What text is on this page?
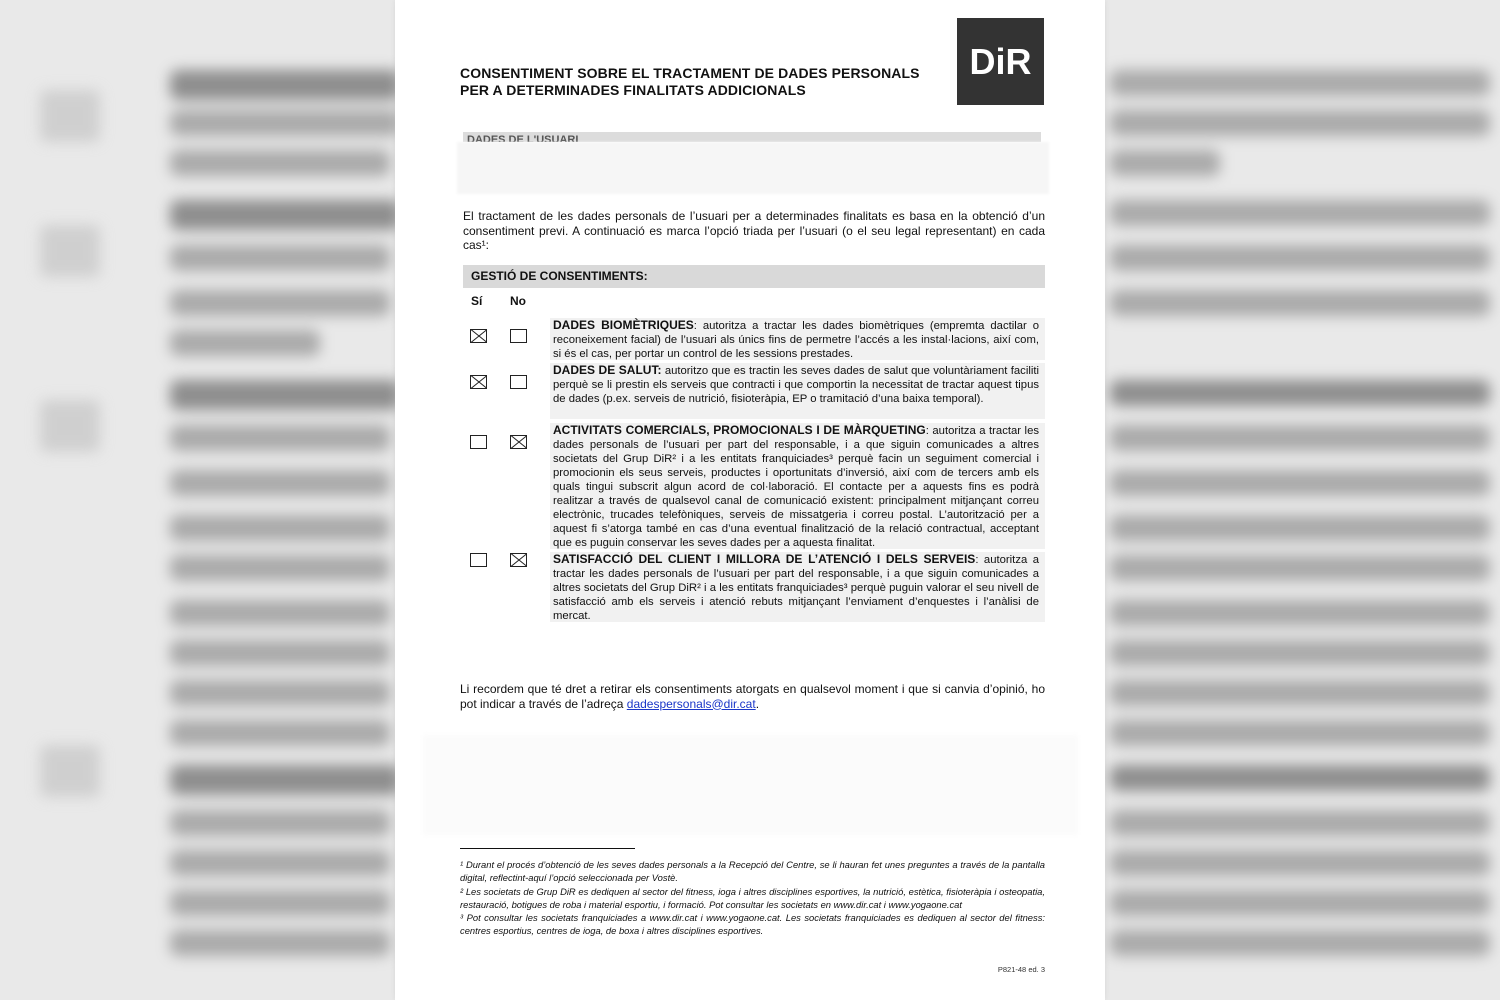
CONSENTIMENT SOBRE EL TRACTAMENT DE DADES PERSONALS
PER A DETERMINADES FINALITATS ADDICIONALS
DiR
DADES DE L'USUARI
El tractament de les dades personals de l’usuari per a determinades finalitats es basa en la obtenció d’un consentiment previ. A continuació es marca l’opció triada per l’usuari (o el seu legal representant) en cada cas¹:
GESTIÓ DE CONSENTIMENTS:
Sí No
DADES BIOMÈTRIQUES: autoritza a tractar les dades biomètriques (empremta dactilar o reconeixement facial) de l’usuari als únics fins de permetre l’accés a les instal·lacions, així com, si és el cas, per portar un control de les sessions prestades.
DADES DE SALUT: autoritzo que es tractin les seves dades de salut que voluntàriament faciliti perquè se li prestin els serveis que contracti i que comportin la necessitat de tractar aquest tipus de dades (p.ex. serveis de nutrició, fisioteràpia, EP o tramitació d’una baixa temporal).
ACTIVITATS COMERCIALS, PROMOCIONALS I DE MÀRQUETING: autoritza a tractar les dades personals de l’usuari per part del responsable, i a que siguin comunicades a altres societats del Grup DiR² i a les entitats franquiciades³ perquè facin un seguiment comercial i promocionin els seus serveis, productes i oportunitats d’inversió, així com de tercers amb els quals tingui subscrit algun acord de col·laboració. El contacte per a aquests fins es podrà realitzar a través de qualsevol canal de comunicació existent: principalment mitjançant correu electrònic, trucades telefòniques, serveis de missatgeria i correu postal. L’autorització per a aquest fi s’atorga també en cas d’una eventual finalització de la relació contractual, acceptant que es puguin conservar les seves dades per a aquesta finalitat.
SATISFACCIÓ DEL CLIENT I MILLORA DE L’ATENCIÓ I DELS SERVEIS: autoritza a tractar les dades personals de l’usuari per part del responsable, i a que siguin comunicades a altres societats del Grup DiR² i a les entitats franquiciades³ perquè puguin valorar el seu nivell de satisfacció amb els serveis i atenció rebuts mitjançant l’enviament d’enquestes i l’anàlisi de mercat.
Li recordem que té dret a retirar els consentiments atorgats en qualsevol moment i que si canvia d’opinió, ho pot indicar a través de l’adreça dadespersonals@dir.cat.

¹ Durant el procés d’obtenció de les seves dades personals a la Recepció del Centre, se li hauran fet unes preguntes a través de la pantalla digital, reflectint-aquí l’opció seleccionada per Vostè.

² Les societats de Grup DiR es dediquen al sector del fitness, ioga i altres disciplines esportives, la nutrició, estètica, fisioteràpia i osteopatia, restauració, botigues de roba i material esportiu, i formació. Pot consultar les societats en www.dir.cat i www.yogaone.cat

³ Pot consultar les societats franquiciades a www.dir.cat i www.yogaone.cat. Les societats franquiciades es dediquen al sector del fitness: centres esportius, centres de ioga, de boxa i altres disciplines esportives.

P821-48 ed. 3
